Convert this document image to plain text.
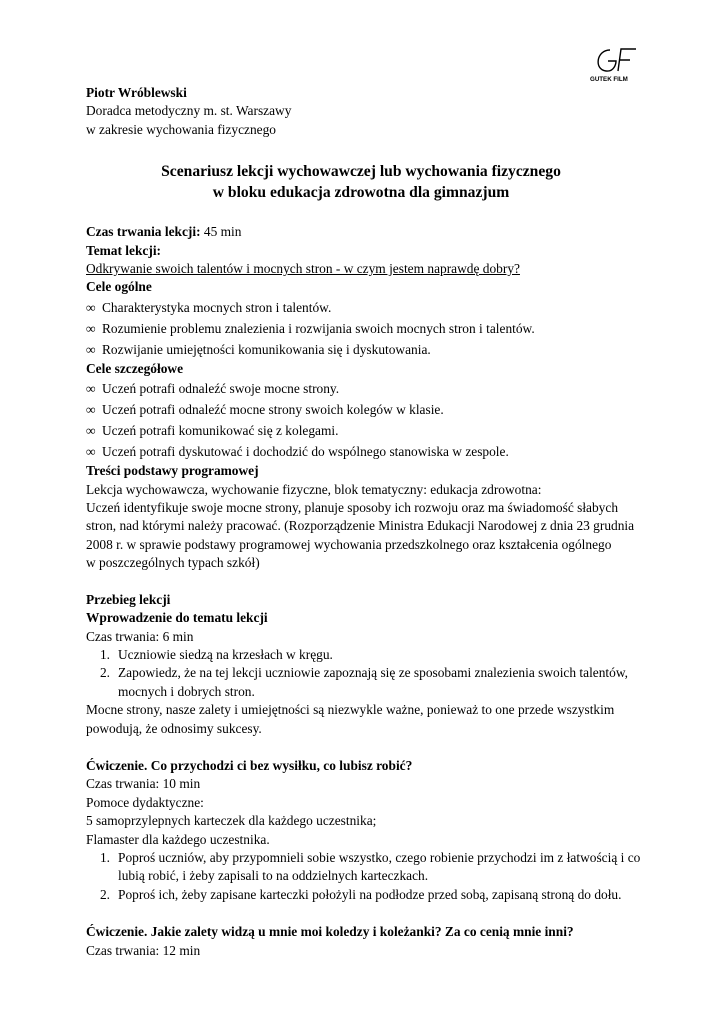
GUTEK FILM
Piotr Wróblewski
Doradca metodyczny m. st. Warszawy
w zakresie wychowania fizycznego
Scenariusz lekcji wychowawczej lub wychowania fizycznego
w bloku edukacja zdrowotna dla gimnazjum
Czas trwania lekcji: 45 min
Temat lekcji:
Odkrywanie swoich talentów i mocnych stron - w czym jestem naprawdę dobry?
Cele ogólne
∞ Charakterystyka mocnych stron i talentów.
∞ Rozumienie problemu znalezienia i rozwijania swoich mocnych stron i talentów.
∞ Rozwijanie umiejętności komunikowania się i dyskutowania.
Cele szczegółowe
∞ Uczeń potrafi odnaleźć swoje mocne strony.
∞ Uczeń potrafi odnaleźć mocne strony swoich kolegów w klasie.
∞ Uczeń potrafi komunikować się z kolegami.
∞ Uczeń potrafi dyskutować i dochodzić do wspólnego stanowiska w zespole.
Treści podstawy programowej
Lekcja wychowawcza, wychowanie fizyczne, blok tematyczny: edukacja zdrowotna:
Uczeń identyfikuje swoje mocne strony, planuje sposoby ich rozwoju oraz ma świadomość słabych
stron, nad którymi należy pracować. (Rozporządzenie Ministra Edukacji Narodowej z dnia 23 grudnia
2008 r. w sprawie podstawy programowej wychowania przedszkolnego oraz kształcenia ogólnego
w poszczególnych typach szkół)
Przebieg lekcji
Wprowadzenie do tematu lekcji
Czas trwania: 6 min
1. Uczniowie siedzą na krzesłach w kręgu.
2. Zapowiedz, że na tej lekcji uczniowie zapoznają się ze sposobami znalezienia swoich talentów,
mocnych i dobrych stron.
Mocne strony, nasze zalety i umiejętności są niezwykle ważne, ponieważ to one przede wszystkim
powodują, że odnosimy sukcesy.
Ćwiczenie. Co przychodzi ci bez wysiłku, co lubisz robić?
Czas trwania: 10 min
Pomoce dydaktyczne:
5 samoprzylepnych karteczek dla każdego uczestnika;
Flamaster dla każdego uczestnika.
1. Poproś uczniów, aby przypomnieli sobie wszystko, czego robienie przychodzi im z łatwością i co
lubią robić, i żeby zapisali to na oddzielnych karteczkach.
2. Poproś ich, żeby zapisane karteczki położyli na podłodze przed sobą, zapisaną stroną do dołu.
Ćwiczenie. Jakie zalety widzą u mnie moi koledzy i koleżanki? Za co cenią mnie inni?
Czas trwania: 12 min
